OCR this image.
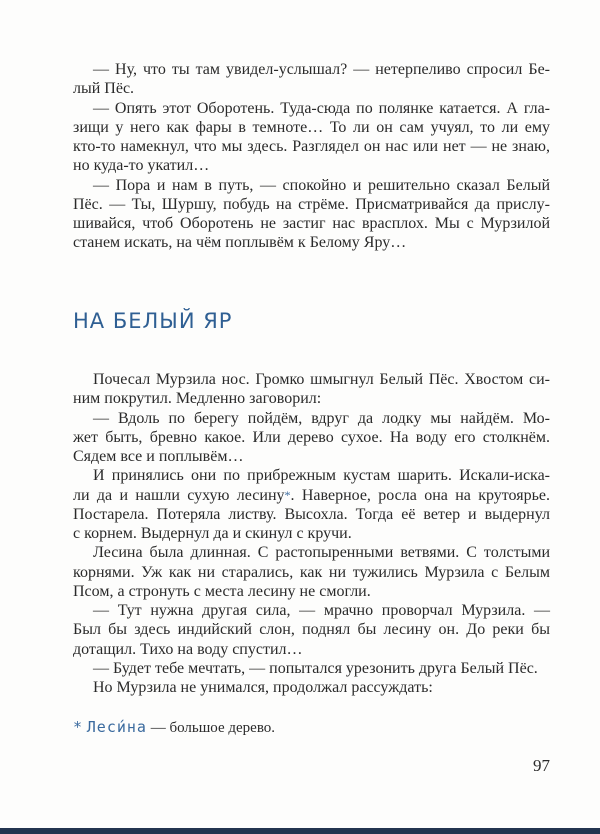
— Ну, что ты там увидел-услышал? — нетерпеливо спросил Бе-
лый Пёс.
— Опять этот Оборотень. Туда-сюда по полянке катается. А гла-
зищи у него как фары в темноте… То ли он сам учуял, то ли ему
кто-то намекнул, что мы здесь. Разглядел он нас или нет — не знаю,
но куда-то укатил…
— Пора и нам в путь, — спокойно и решительно сказал Белый
Пёс. — Ты, Шуршу, побудь на стрёме. Присматривайся да прислу-
шивайся, чтоб Оборотень не застиг нас врасплох. Мы с Мурзилой
станем искать, на чём поплывём к Белому Яру…
НА БЕЛЫЙ ЯР
Почесал Мурзила нос. Громко шмыгнул Белый Пёс. Хвостом си-
ним покрутил. Медленно заговорил:
— Вдоль по берегу пойдём, вдруг да лодку мы найдём. Мо-
жет быть, бревно какое. Или дерево сухое. На воду его столкнём.
Сядем все и поплывём…
И принялись они по прибрежным кустам шарить. Искали-иска-
ли да и нашли сухую лесину*. Наверное, росла она на крутоярье.
Постарела. Потеряла листву. Высохла. Тогда её ветер и выдернул
с корнем. Выдернул да и скинул с кручи.
Лесина была длинная. С растопыренными ветвями. С толстыми
корнями. Уж как ни старались, как ни тужились Мурзила с Белым
Псом, а стронуть с места лесину не смогли.
— Тут нужна другая сила, — мрачно проворчал Мурзила. —
Был бы здесь индийский слон, поднял бы лесину он. До реки бы
дотащил. Тихо на воду спустил…
— Будет тебе мечтать, — попытался урезонить друга Белый Пёс.
Но Мурзила не унимался, продолжал рассуждать:
* Леси́на — большое дерево.
97
